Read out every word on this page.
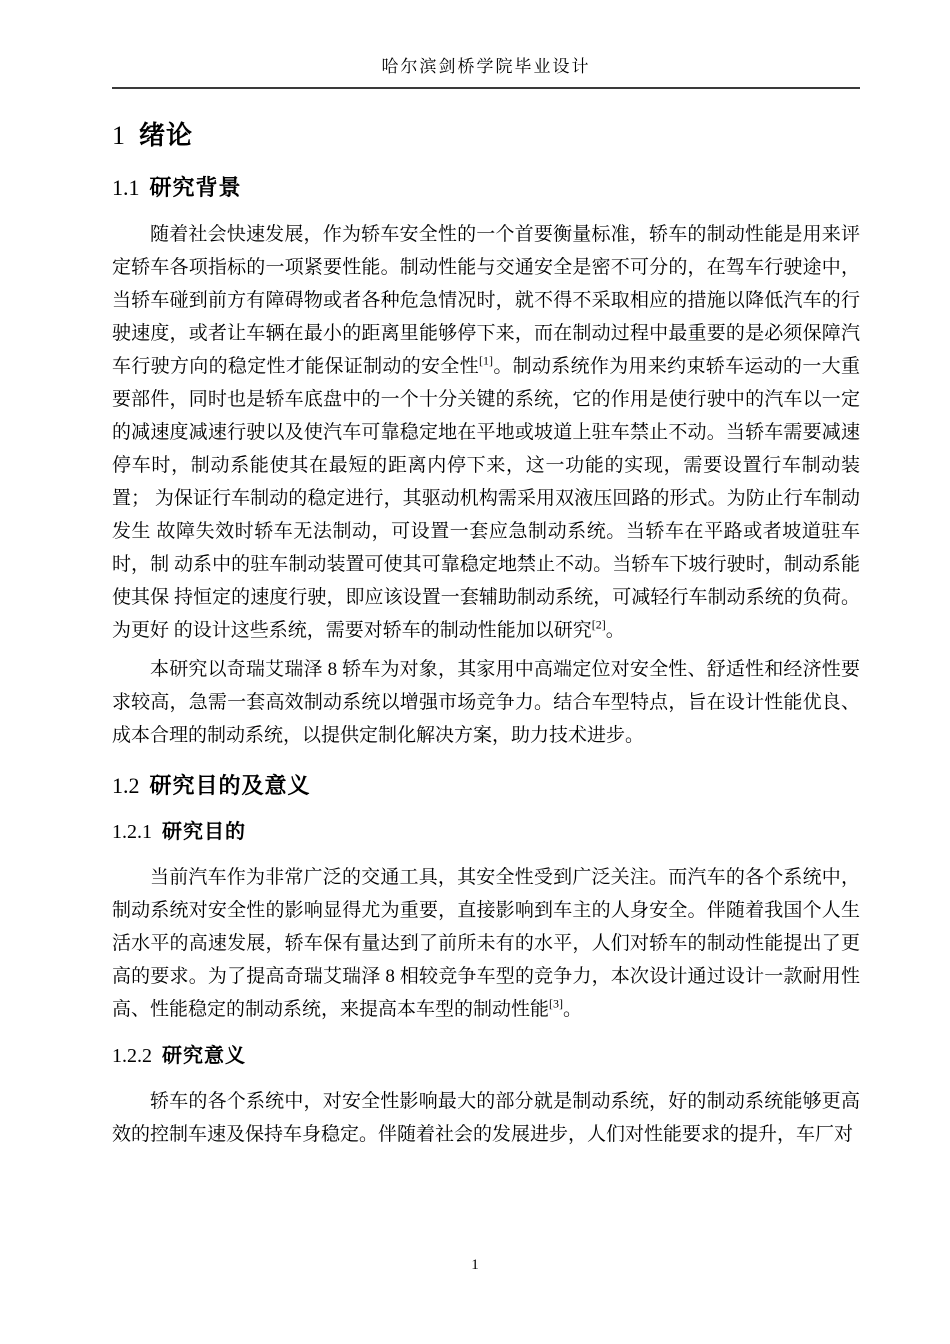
哈尔滨剑桥学院毕业设计
1 绪论
1.1 研究背景

随着社会快速发展，作为轿车安全性的一个首要衡量标准，轿车的制动性能是用来评定轿车各项指标的一项紧要性能。制动性能与交通安全是密不可分的，在驾车行驶途中，当轿车碰到前方有障碍物或者各种危急情况时，就不得不采取相应的措施以降低汽车的行驶速度，或者让车辆在最小的距离里能够停下来，而在制动过程中最重要的是必须保障汽车行驶方向的稳定性才能保证制动的安全性[1]。制动系统作为用来约束轿车运动的一大重要部件，同时也是轿车底盘中的一个十分关键的系统，它的作用是使行驶中的汽车以一定的减速度减速行驶以及使汽车可靠稳定地在平地或坡道上驻车禁止不动。当轿车需要减速停车时，制动系能使其在最短的距离内停下来，这一功能的实现，需要设置行车制动装置； 为保证行车制动的稳定进行，其驱动机构需采用双液压回路的形式。为防止行车制动发生 故障失效时轿车无法制动，可设置一套应急制动系统。当轿车在平路或者坡道驻车时，制 动系中的驻车制动装置可使其可靠稳定地禁止不动。当轿车下坡行驶时，制动系能使其保 持恒定的速度行驶，即应该设置一套辅助制动系统，可减轻行车制动系统的负荷。为更好 的设计这些系统，需要对轿车的制动性能加以研究[2]。

本研究以奇瑞艾瑞泽 8 轿车为对象，其家用中高端定位对安全性、舒适性和经济性要 求较高，急需一套高效制动系统以增强市场竞争力。结合车型特点，旨在设计性能优良、 成本合理的制动系统，以提供定制化解决方案，助力技术进步。

1.2 研究目的及意义
1.2.1 研究目的

当前汽车作为非常广泛的交通工具，其安全性受到广泛关注。而汽车的各个系统中，制动系统对安全性的影响显得尤为重要，直接影响到车主的人身安全。伴随着我国个人生活水平的高速发展，轿车保有量达到了前所未有的水平，人们对轿车的制动性能提出了更高的要求。为了提高奇瑞艾瑞泽 8 相较竞争车型的竞争力，本次设计通过设计一款耐用性 高、性能稳定的制动系统，来提高本车型的制动性能[3]。

1.2.2 研究意义

轿车的各个系统中，对安全性影响最大的部分就是制动系统，好的制动系统能够更高效的控制车速及保持车身稳定。伴随着社会的发展进步，人们对性能要求的提升，车厂对

1
